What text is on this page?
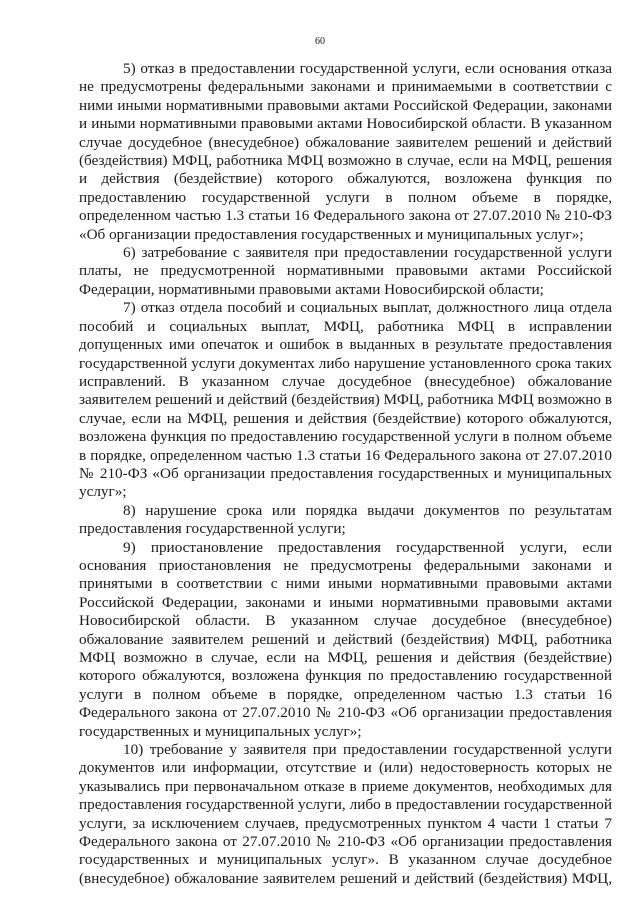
60
5) отказ в предоставлении государственной услуги, если основания отказа
не предусмотрены федеральными законами и принимаемыми в соответствии с
ними иными нормативными правовыми актами Российской Федерации, законами
и иными нормативными правовыми актами Новосибирской области. В указанном
случае досудебное (внесудебное) обжалование заявителем решений и действий
(бездействия) МФЦ, работника МФЦ возможно в случае, если на МФЦ, решения
и действия (бездействие) которого обжалуются, возложена функция по
предоставлению государственной услуги в полном объеме в порядке,
определенном частью 1.3 статьи 16 Федерального закона от 27.07.2010 № 210-ФЗ
«Об организации предоставления государственных и муниципальных услуг»;
6) затребование с заявителя при предоставлении государственной услуги
платы, не предусмотренной нормативными правовыми актами Российской
Федерации, нормативными правовыми актами Новосибирской области;
7) отказ отдела пособий и социальных выплат, должностного лица отдела
пособий и социальных выплат, МФЦ, работника МФЦ в исправлении
допущенных ими опечаток и ошибок в выданных в результате предоставления
государственной услуги документах либо нарушение установленного срока таких
исправлений. В указанном случае досудебное (внесудебное) обжалование
заявителем решений и действий (бездействия) МФЦ, работника МФЦ возможно в
случае, если на МФЦ, решения и действия (бездействие) которого обжалуются,
возложена функция по предоставлению государственной услуги в полном объеме
в порядке, определенном частью 1.3 статьи 16 Федерального закона от 27.07.2010
№ 210-ФЗ «Об организации предоставления государственных и муниципальных
услуг»;
8) нарушение срока или порядка выдачи документов по результатам
предоставления государственной услуги;
9) приостановление предоставления государственной услуги, если
основания приостановления не предусмотрены федеральными законами и
принятыми в соответствии с ними иными нормативными правовыми актами
Российской Федерации, законами и иными нормативными правовыми актами
Новосибирской области. В указанном случае досудебное (внесудебное)
обжалование заявителем решений и действий (бездействия) МФЦ, работника
МФЦ возможно в случае, если на МФЦ, решения и действия (бездействие)
которого обжалуются, возложена функция по предоставлению государственной
услуги в полном объеме в порядке, определенном частью 1.3 статьи 16
Федерального закона от 27.07.2010 № 210-ФЗ «Об организации предоставления
государственных и муниципальных услуг»;
10) требование у заявителя при предоставлении государственной услуги
документов или информации, отсутствие и (или) недостоверность которых не
указывались при первоначальном отказе в приеме документов, необходимых для
предоставления государственной услуги, либо в предоставлении государственной
услуги, за исключением случаев, предусмотренных пунктом 4 части 1 статьи 7
Федерального закона от 27.07.2010 № 210-ФЗ «Об организации предоставления
государственных и муниципальных услуг». В указанном случае досудебное
(внесудебное) обжалование заявителем решений и действий (бездействия) МФЦ,
